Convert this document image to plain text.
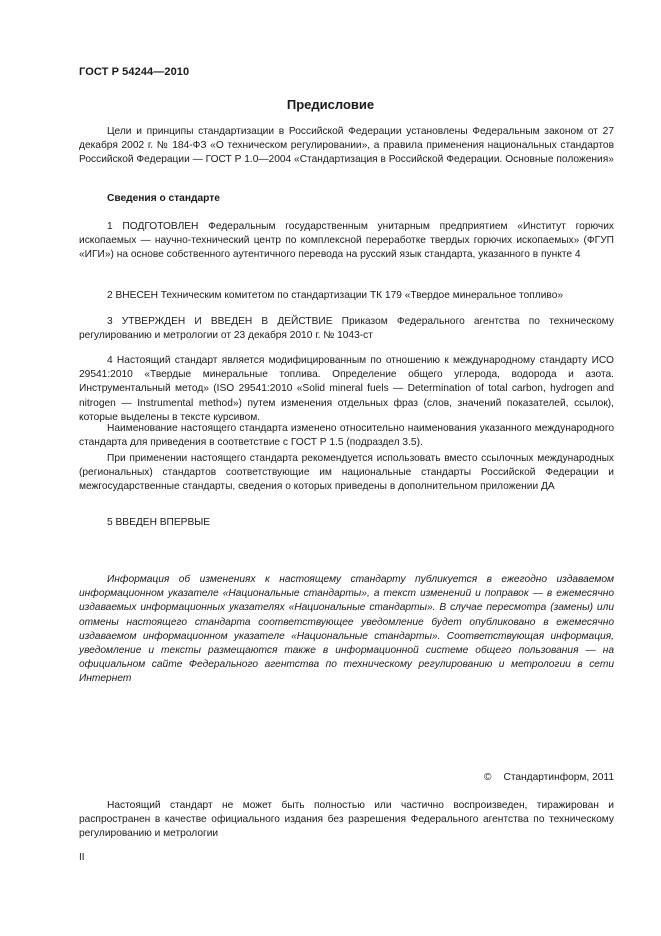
ГОСТ Р 54244—2010
Предисловие

Цели и принципы стандартизации в Российской Федерации установлены Федеральным законом от 27 декабря 2002 г. № 184-ФЗ «О техническом регулировании», а правила применения национальных стандартов Российской Федерации — ГОСТ Р 1.0—2004 «Стандартизация в Российской Федерации. Основные положения»

Сведения о стандарте

1 ПОДГОТОВЛЕН Федеральным государственным унитарным предприятием «Институт горючих ископаемых — научно-технический центр по комплексной переработке твердых горючих ископаемых» (ФГУП «ИГИ») на основе собственного аутентичного перевода на русский язык стандарта, указанного в пункте 4

2 ВНЕСЕН Техническим комитетом по стандартизации ТК 179 «Твердое минеральное топливо»

3 УТВЕРЖДЕН И ВВЕДЕН В ДЕЙСТВИЕ Приказом Федерального агентства по техническому регулированию и метрологии от 23 декабря 2010 г. № 1043-ст

4 Настоящий стандарт является модифицированным по отношению к международному стандарту ИСО 29541:2010 «Твердые минеральные топлива. Определение общего углерода, водорода и азота. Инструментальный метод» (ISO 29541:2010 «Solid mineral fuels — Determination of total carbon, hydrogen and nitrogen — Instrumental method») путем изменения отдельных фраз (слов, значений показателей, ссылок), которые выделены в тексте курсивом.

Наименование настоящего стандарта изменено относительно наименования указанного международного стандарта для приведения в соответствие с ГОСТ Р 1.5 (подраздел 3.5).

При применении настоящего стандарта рекомендуется использовать вместо ссылочных международных (региональных) стандартов соответствующие им национальные стандарты Российской Федерации и межгосударственные стандарты, сведения о которых приведены в дополнительном приложении ДА

5 ВВЕДЕН ВПЕРВЫЕ

Информация об изменениях к настоящему стандарту публикуется в ежегодно издаваемом информационном указателе «Национальные стандарты», а текст изменений и поправок — в ежемесячно издаваемых информационных указателях «Национальные стандарты». В случае пересмотра (замены) или отмены настоящего стандарта соответствующее уведомление будет опубликовано в ежемесячно издаваемом информационном указателе «Национальные стандарты». Соответствующая информация, уведомление и тексты размещаются также в информационной системе общего пользования — на официальном сайте Федерального агентства по техническому регулированию и метрологии в сети Интернет

© Стандартинформ, 2011

Настоящий стандарт не может быть полностью или частично воспроизведен, тиражирован и распространен в качестве официального издания без разрешения Федерального агентства по техническому регулированию и метрологии

II
